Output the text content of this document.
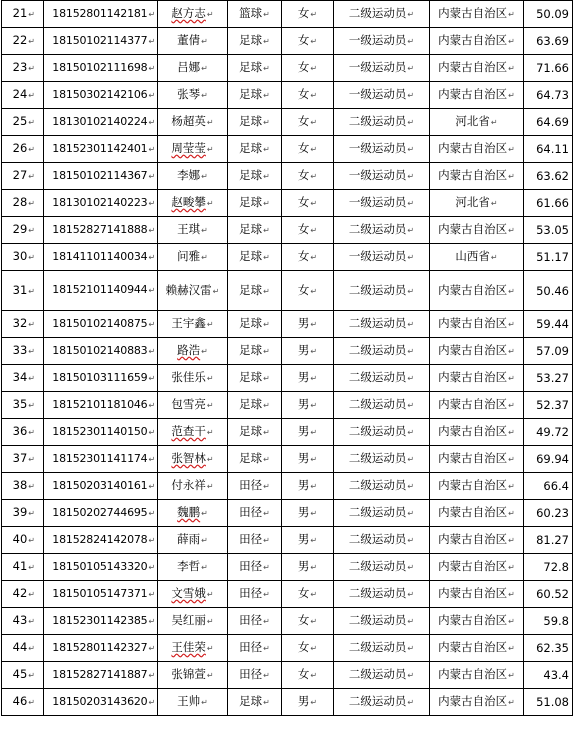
21↵	18152801142181↵	赵方志↵	篮球↵	女↵	二级运动员↵	内蒙古自治区↵	50.09
22↵	18150102114377↵	董倩↵	足球↵	女↵	一级运动员↵	内蒙古自治区↵	63.69
23↵	18150102111698↵	吕娜↵	足球↵	女↵	一级运动员↵	内蒙古自治区↵	71.66
24↵	18150302142106↵	张琴↵	足球↵	女↵	一级运动员↵	内蒙古自治区↵	64.73
25↵	18130102140224↵	杨超英↵	足球↵	女↵	二级运动员↵	河北省↵	64.69
26↵	18152301142401↵	周莹莹↵	足球↵	女↵	一级运动员↵	内蒙古自治区↵	64.11
27↵	18150102114367↵	李娜↵	足球↵	女↵	一级运动员↵	内蒙古自治区↵	63.62
28↵	18130102140223↵	赵畯攀↵	足球↵	女↵	一级运动员↵	河北省↵	61.66
29↵	18152827141888↵	王琪↵	足球↵	女↵	二级运动员↵	内蒙古自治区↵	53.05
30↵	18141101140034↵	问雅↵	足球↵	女↵	一级运动员↵	山西省↵	51.17
31↵	18152101140944↵	赖赫汉雷↵	足球↵	女↵	二级运动员↵	内蒙古自治区↵	50.46
32↵	18150102140875↵	王宇鑫↵	足球↵	男↵	二级运动员↵	内蒙古自治区↵	59.44
33↵	18150102140883↵	路浩↵	足球↵	男↵	二级运动员↵	内蒙古自治区↵	57.09
34↵	18150103111659↵	张佳乐↵	足球↵	男↵	二级运动员↵	内蒙古自治区↵	53.27
35↵	18152101181046↵	包雪亮↵	足球↵	男↵	二级运动员↵	内蒙古自治区↵	52.37
36↵	18152301140150↵	范查干↵	足球↵	男↵	二级运动员↵	内蒙古自治区↵	49.72
37↵	18152301141174↵	张智林↵	足球↵	男↵	二级运动员↵	内蒙古自治区↵	69.94
38↵	18150203140161↵	付永祥↵	田径↵	男↵	二级运动员↵	内蒙古自治区↵	66.4
39↵	18150202744695↵	魏鹏↵	田径↵	男↵	二级运动员↵	内蒙古自治区↵	60.23
40↵	18152824142078↵	薛雨↵	田径↵	男↵	二级运动员↵	内蒙古自治区↵	81.27
41↵	18150105143320↵	李哲↵	田径↵	男↵	二级运动员↵	内蒙古自治区↵	72.8
42↵	18150105147371↵	文雪娥↵	田径↵	女↵	二级运动员↵	内蒙古自治区↵	60.52
43↵	18152301142385↵	吴红丽↵	田径↵	女↵	二级运动员↵	内蒙古自治区↵	59.8
44↵	18152801142327↵	王佳荣↵	田径↵	女↵	二级运动员↵	内蒙古自治区↵	62.35
45↵	18152827141887↵	张锦萱↵	田径↵	女↵	二级运动员↵	内蒙古自治区↵	43.4
46↵	18150203143620↵	王帅↵	足球↵	男↵	二级运动员↵	内蒙古自治区↵	51.08
